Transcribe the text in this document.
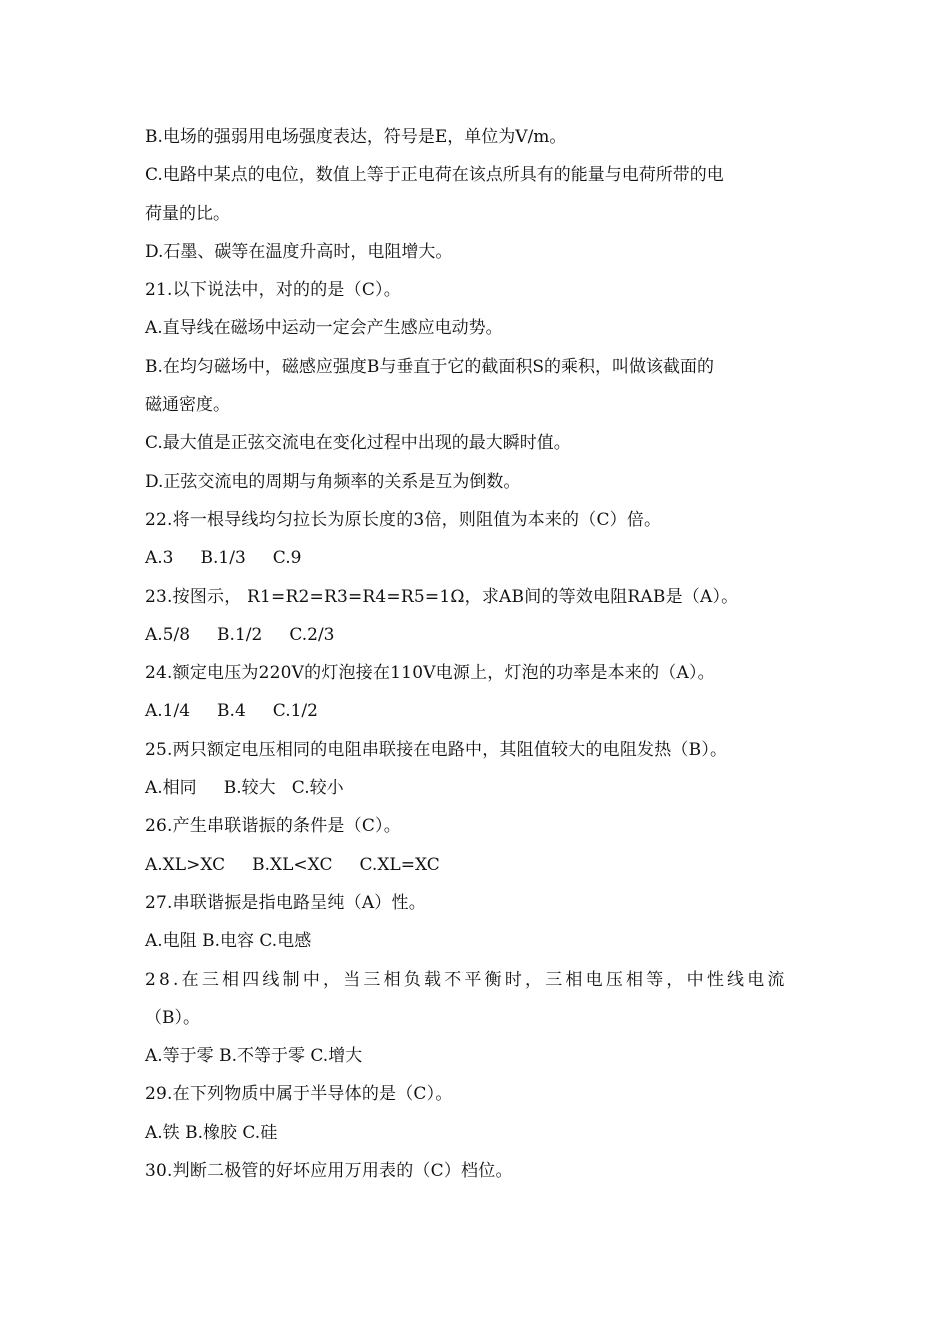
B.电场的强弱用电场强度表达，符号是E，单位为V/m。
C.电路中某点的电位，数值上等于正电荷在该点所具有的能量与电荷所带的电
荷量的比。
D.石墨、碳等在温度升高时，电阻增大。
21.以下说法中，对的的是（C）。
A.直导线在磁场中运动一定会产生感应电动势。
B.在均匀磁场中，磁感应强度B与垂直于它的截面积S的乘积，叫做该截面的
磁通密度。
C.最大值是正弦交流电在变化过程中出现的最大瞬时值。
D.正弦交流电的周期与角频率的关系是互为倒数。
22.将一根导线均匀拉长为原长度的3倍，则阻值为本来的（C）倍。
A.3     B.1/3     C.9
23.按图示， R1=R2=R3=R4=R5=1Ω，求AB间的等效电阻RAB是（A）。
A.5/8     B.1/2     C.2/3
24.额定电压为220V的灯泡接在110V电源上，灯泡的功率是本来的（A）。
A.1/4     B.4     C.1/2
25.两只额定电压相同的电阻串联接在电路中，其阻值较大的电阻发热（B）。
A.相同     B.较大   C.较小
26.产生串联谐振的条件是（C）。
A.XL>XC     B.XL<XC     C.XL=XC
27.串联谐振是指电路呈纯（A）性。
A.电阻 B.电容 C.电感
28.在三相四线制中，当三相负载不平衡时，三相电压相等，中性线电流
（B）。
A.等于零 B.不等于零 C.增大
29.在下列物质中属于半导体的是（C）。
A.铁 B.橡胶 C.硅
30.判断二极管的好坏应用万用表的（C）档位。
